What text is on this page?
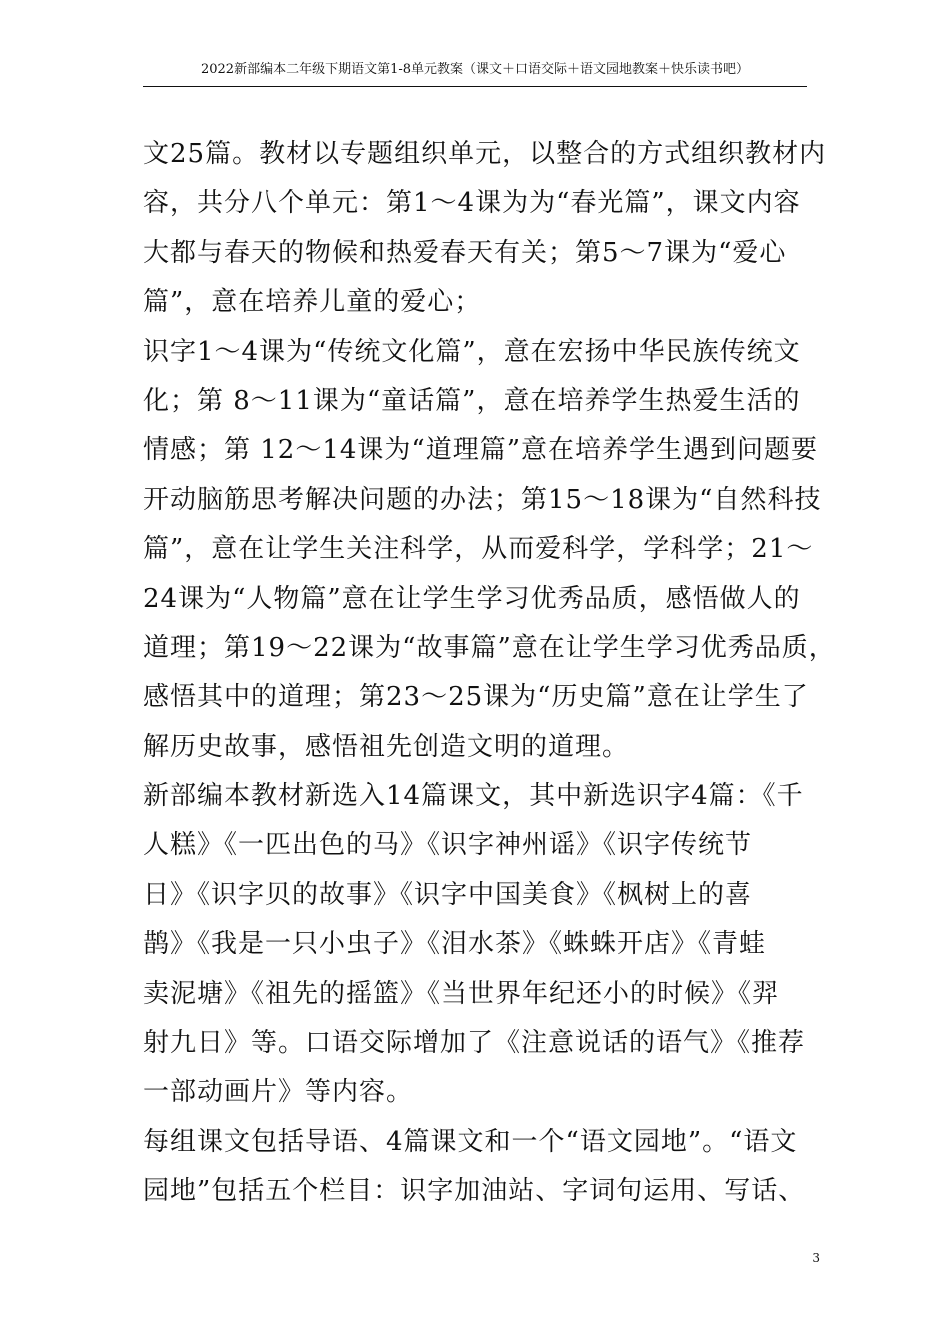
2022新部编本二年级下期语文第1-8单元教案（课文＋口语交际＋语文园地教案＋快乐读书吧）
文25篇。教材以专题组织单元，以整合的方式组织教材内
容，共分八个单元：第1～4课为为“春光篇”，课文内容
大都与春天的物候和热爱春天有关；第5～7课为“爱心
篇”，意在培养儿童的爱心；
识字1～4课为“传统文化篇”，意在宏扬中华民族传统文
化；第 8～11课为“童话篇”，意在培养学生热爱生活的
情感；第 12～14课为“道理篇”意在培养学生遇到问题要
开动脑筋思考解决问题的办法；第15～18课为“自然科技
篇”，意在让学生关注科学，从而爱科学，学科学；21～
24课为“人物篇”意在让学生学习优秀品质，感悟做人的
道理；第19～22课为“故事篇”意在让学生学习优秀品质，
感悟其中的道理；第23～25课为“历史篇”意在让学生了
解历史故事，感悟祖先创造文明的道理。
新部编本教材新选入14篇课文，其中新选识字4篇：《千
人糕》《一匹出色的马》《识字神州谣》《识字传统节
日》《识字贝的故事》《识字中国美食》《枫树上的喜
鹊》《我是一只小虫子》《泪水茶》《蛛蛛开店》《青蛙
卖泥塘》《祖先的摇篮》《当世界年纪还小的时候》《羿
射九日》等。口语交际增加了《注意说话的语气》《推荐
一部动画片》等内容。
每组课文包括导语、4篇课文和一个“语文园地”。“语文
园地”包括五个栏目：识字加油站、字词句运用、写话、
3
